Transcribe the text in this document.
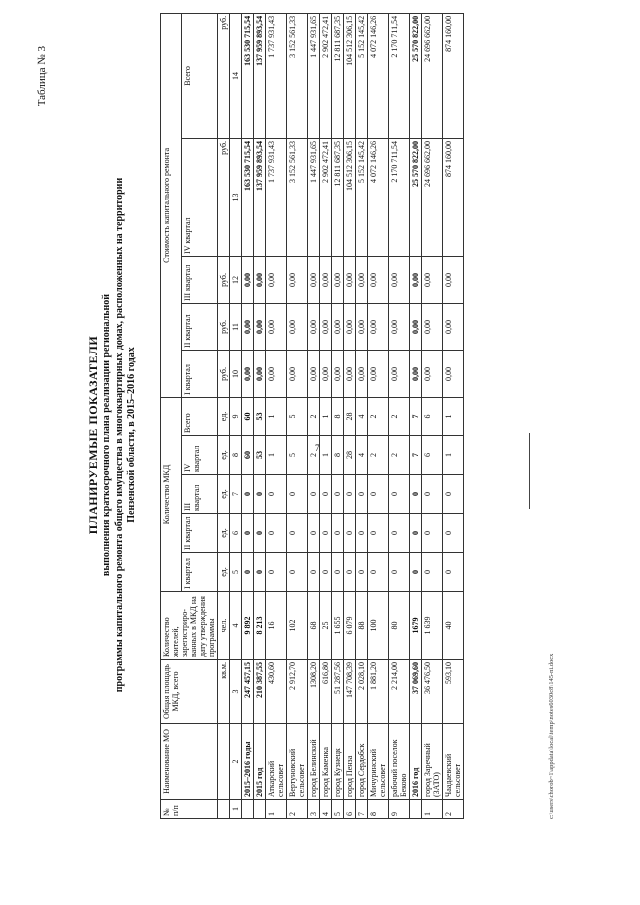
7
Таблица № 3
ПЛАНИРУЕМЫЕ ПОКАЗАТЕЛИ выполнения краткосрочного плана реализации региональной программы капитального ремонта общего имущества в многоквартирных домах, расположенных на территории Пензенской области, в 2015–2016 годах
№ п/п	Наименование МО	Общая площадь МКД, всего	Количество жителей, зарегистриро-ванных в МКД на дату утверждения программы	Количество МКД					Стоимость капитального ремонта				
				I квартал	II квартал	III квартал	IV квартал	Всего	I квартал	II квартал	III квартал	IV квартал	Всего
		кв.м.	чел.	ед.	ед.	ед.	ед.	ед.	руб.	руб.	руб.	руб.	руб.
1	2	3	4	5	6	7	8	9	10	11	12	13	14
	2015–2016 годы	247 457,15	9 892	0	0	0	60	60	0,00	0,00	0,00	163 530 715,54	163 530 715,54
	2015 год	210 387,55	8 213	0	0	0	53	53	0,00	0,00	0,00	137 959 893,54	137 959 893,54
1	Аткарский сельсовет	430,60	16	0	0	0	1	1	0,00	0,00	0,00	1 737 931,43	1 737 931,43
2	Вертуновский сельсовет	2 912,70	102	0	0	0	5	5	0,00	0,00	0,00	3 152 561,33	3 152 561,33
3	город Белинский	1308,20	68	0	0	0	2	2	0,00	0,00	0,00	1 447 931,65	1 447 931,65
4	город Каменка	616,80	25	0	0	0	1	1	0,00	0,00	0,00	2 902 472,41	2 902 472,41
5	город Кузнецк	51 287,56	1 655	0	0	0	8	8	0,00	0,00	0,00	12 811 687,35	12 811 687,35
6	город Пенза	147 708,39	6 079	0	0	0	28	28	0,00	0,00	0,00	104 512 306,15	104 512 306,15
7	город Сердобск	2 028,10	88	0	0	0	4	4	0,00	0,00	0,00	5 152 145,42	5 152 145,42
8	Мичуринский сельсовет	1 881,20	100	0	0	0	2	2	0,00	0,00	0,00	4 072 146,26	4 072 146,26
9	рабочий поселок Беково	2 214,00	80	0	0	0	2	2	0,00	0,00	0,00	2 170 711,54	2 170 711,54
	2016 год	37 069,60	1679	0	0	0	7	7	0,00	0,00	0,00	25 570 822,00	25 570 822,00
1	город Заречный (ЗАТО)	36 476,50	1 639	0	0	0	6	6	0,00	0,00	0,00	24 696 662,00	24 696 662,00
2	Чаадаевский сельсовет	593,10	40	0	0	0	1	1	0,00	0,00	0,00	874 160,00	874 160,00
c:\users\chorob~1\appdata\local\temp\notes6030c8\145-ni.docx
